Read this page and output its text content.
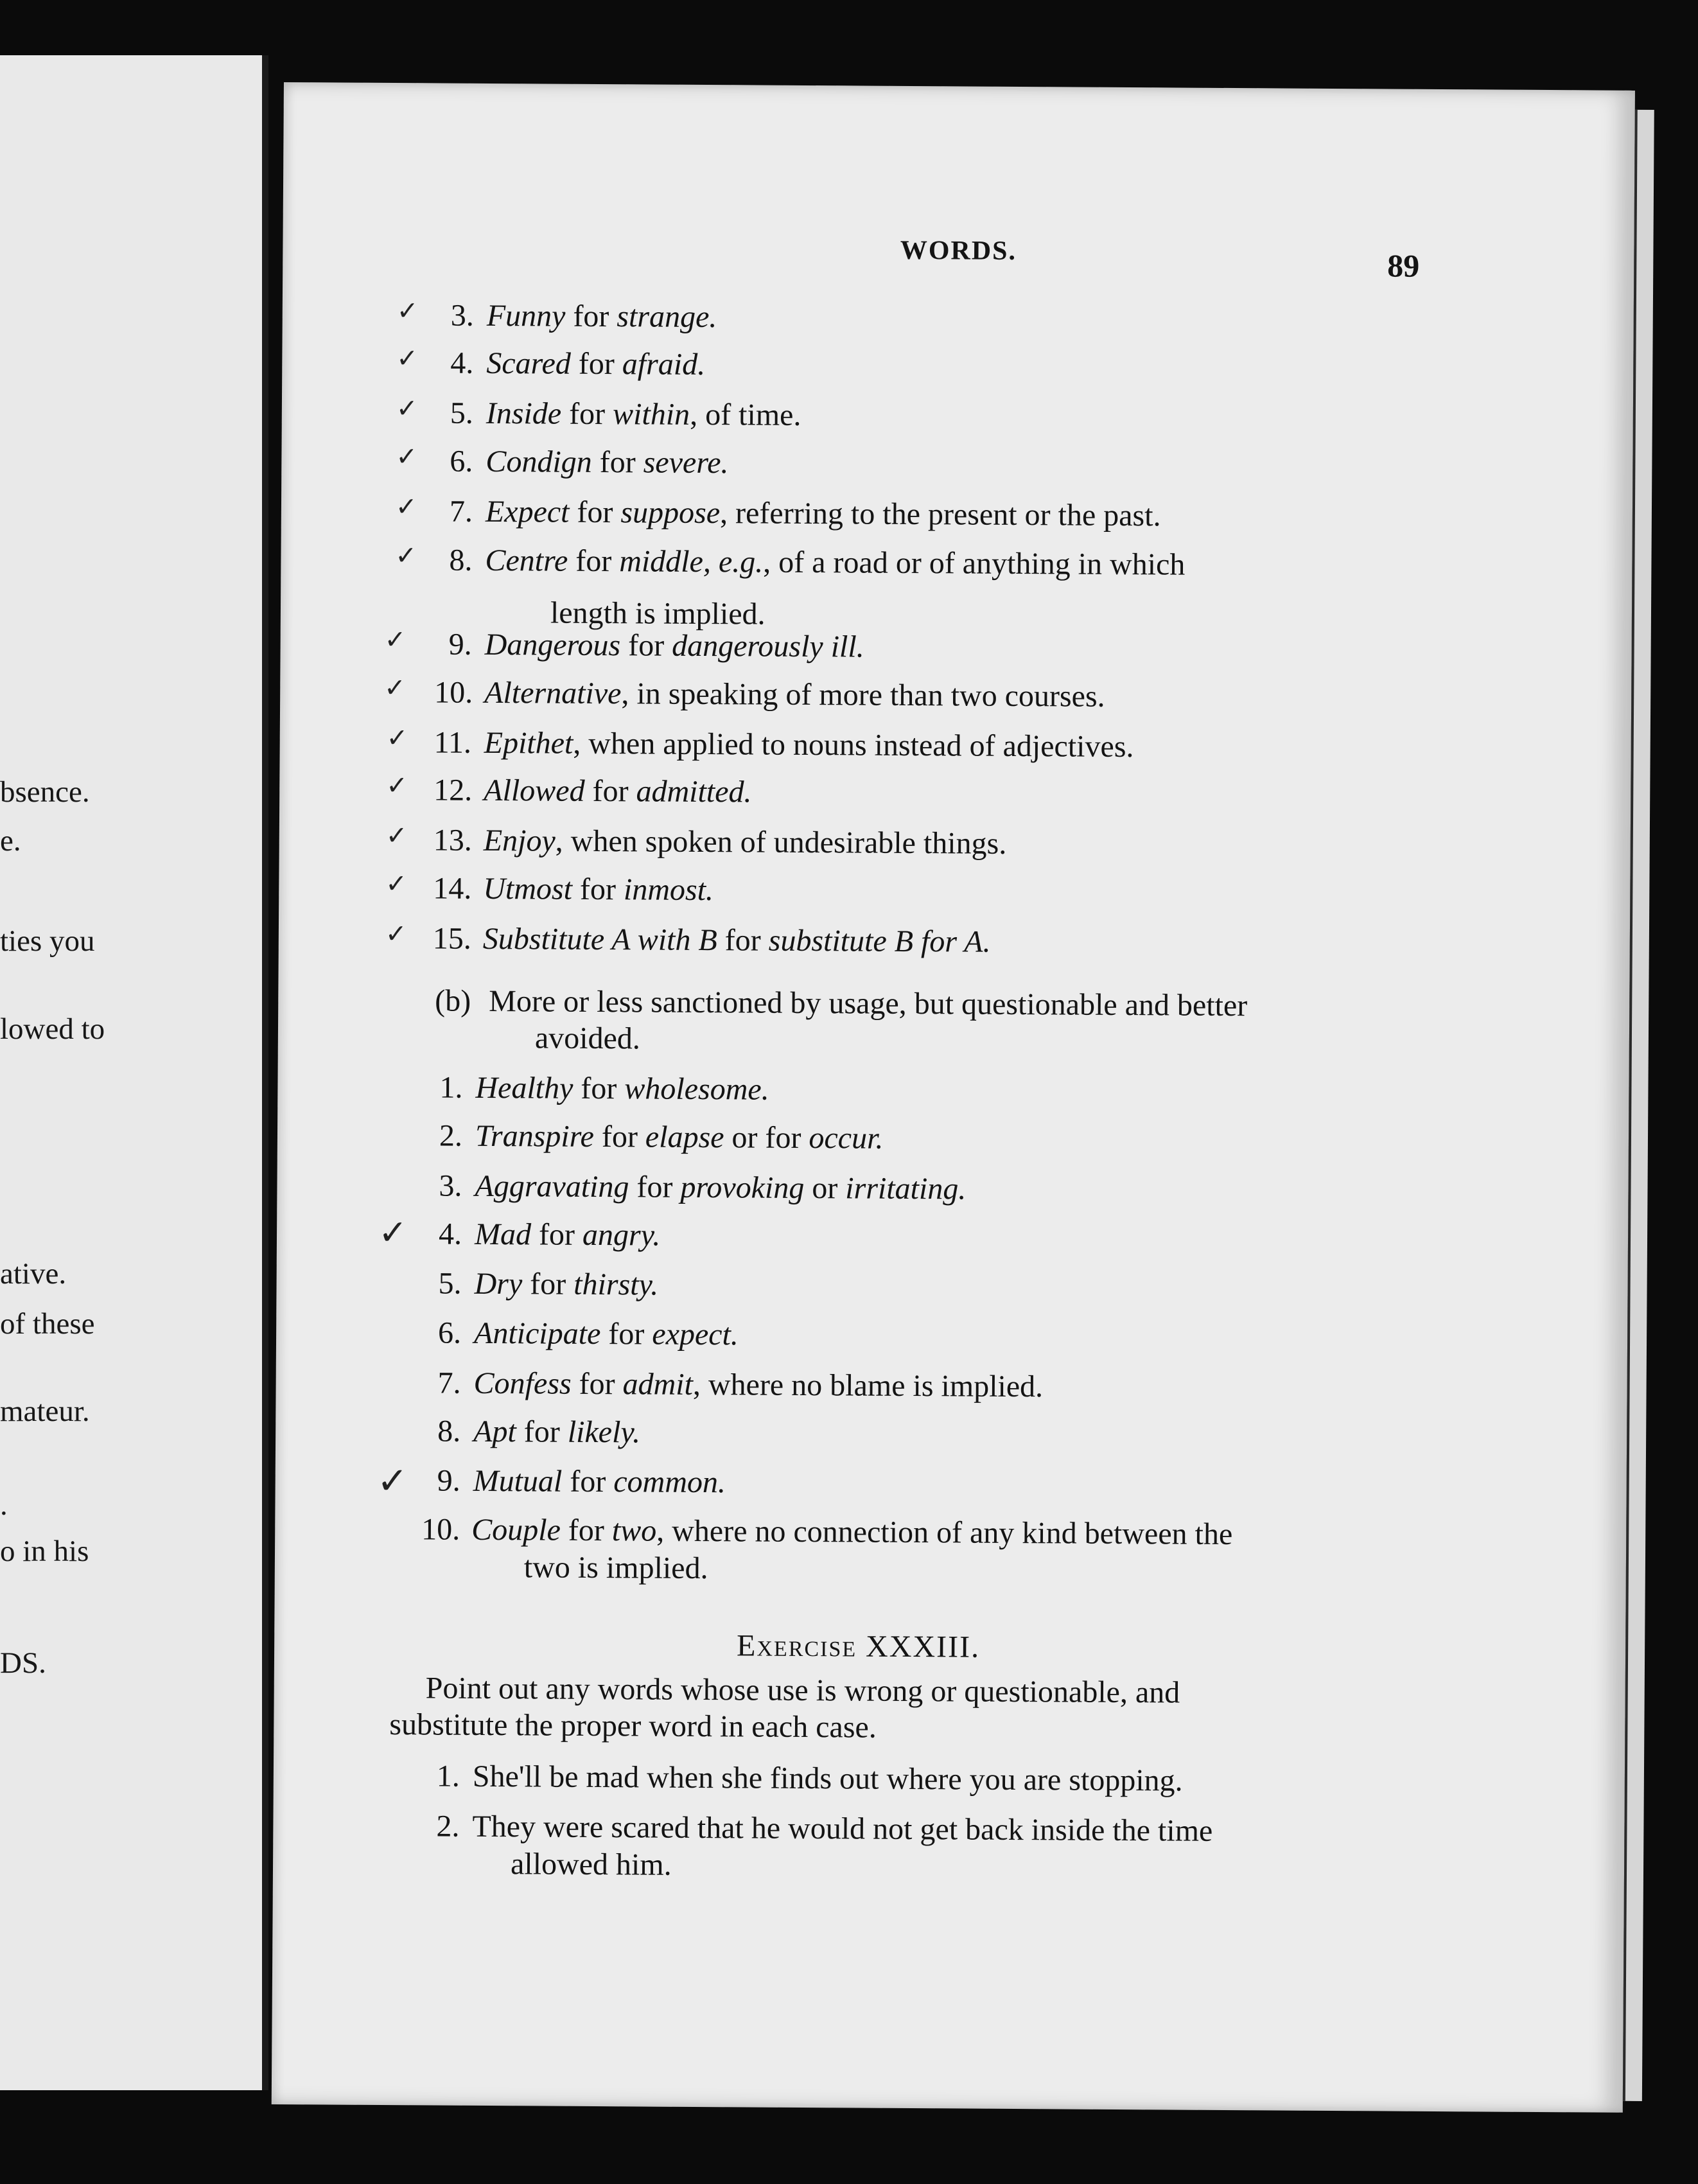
bsence.
e.
ties you
lowed to
ative.
of these
mateur.
.
o in his
DS.
WORDS.	89
Exercise XXXIII.
3. Funny for strange.
4. Scared for afraid.
5. Inside for within, of time.
6. Condign for severe.
7. Expect for suppose, referring to the present or the past.
8. Centre for middle, e.g., of a road or of anything in which
length is implied.
9. Dangerous for dangerously ill.
10. Alternative, in speaking of more than two courses.
11. Epithet, when applied to nouns instead of adjectives.
12. Allowed for admitted.
13. Enjoy, when spoken of undesirable things.
14. Utmost for inmost.
15. Substitute A with B for substitute B for A.
✓
✓
✓
✓
✓
✓
✓
✓
✓
✓
✓
✓
✓
(b) More or less sanctioned by usage, but questionable and better
avoided.
1. Healthy for wholesome.
2. Transpire for elapse or for occur.
3. Aggravating for provoking or irritating.
4. Mad for angry.
5. Dry for thirsty.
6. Anticipate for expect.
7. Confess for admit, where no blame is implied.
8. Apt for likely.
9. Mutual for common.
10. Couple for two, where no connection of any kind between the
two is implied.
✓
✓
Point out any words whose use is wrong or questionable, and
substitute the proper word in each case.
1. She'll be mad when she finds out where you are stopping.
2. They were scared that he would not get back inside the time
allowed him.
